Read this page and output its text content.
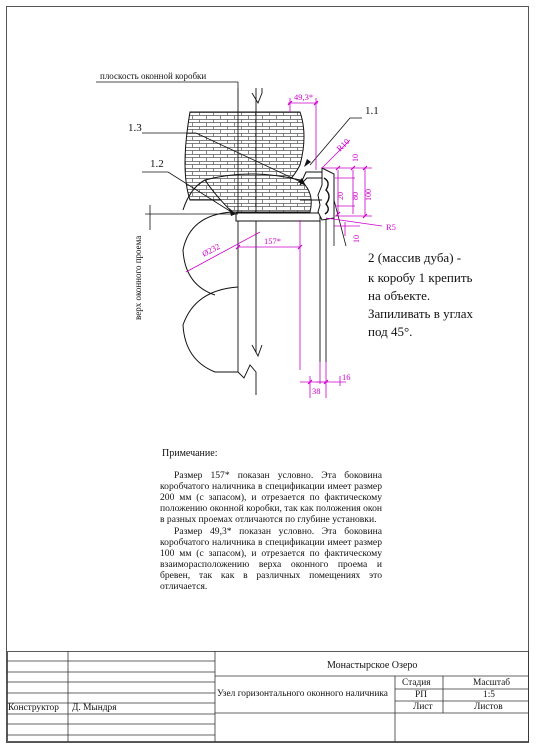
плоскость оконной коробки
верх оконного проема
1.1
1.3
1.2
49,3*
157*
Ø232
R10
R5
10
20 80 100
10
38
16
2 (массив дуба) -
к коробу 1 крепить
на объекте.
Запиливать в углах
под 45°.

Примечание:

Размер 157* показан условно. Эта боковина коробчатого наличника в спецификации имеет размер 200 мм (с запасом), и отрезается по фактическому положению оконной коробки, так как положения окон в разных проемах отличаются по глубине установки.

Размер 49,3* показан условно. Эта боковина коробчатого наличника в спецификации имеет размер 100 мм (с запасом), и отрезается по фактическому взаиморасположению верха оконного проема и бревен, так как в различных помещениях это отличается.

Монастырское Озеро
Узел горизонтального оконного наличника
Стадия	Масштаб
РП	1:5
Лист	Листов
Конструктор Д. Мындря
